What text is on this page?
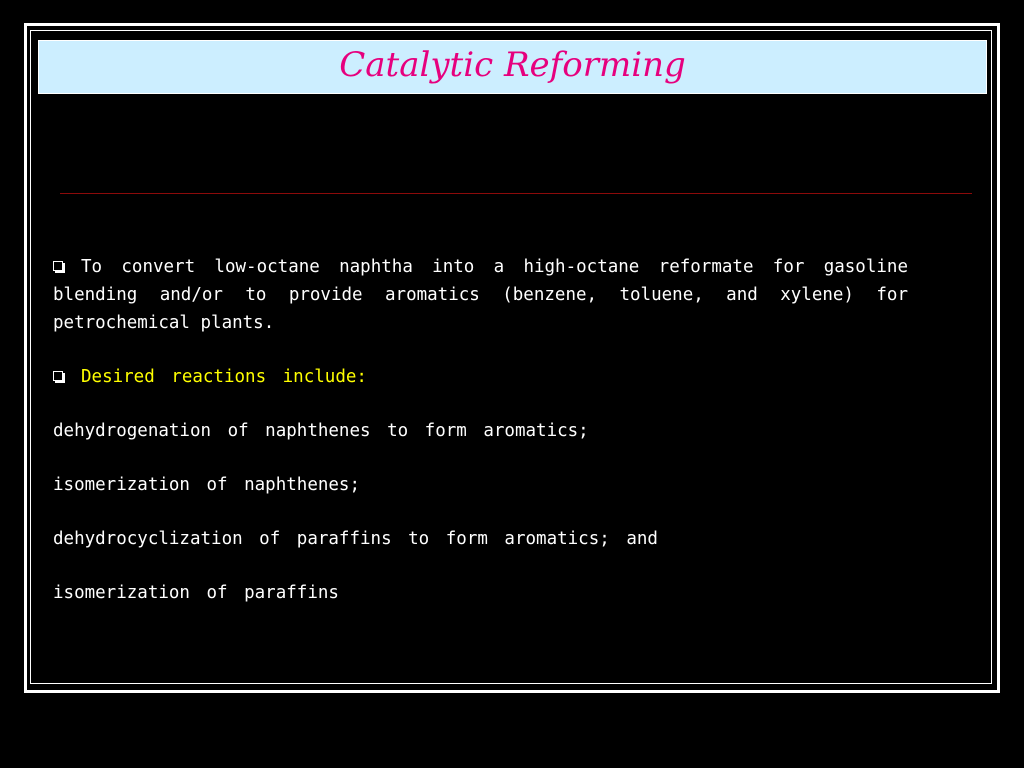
Catalytic Reforming

To convert low-octane naphtha into a high-octane reformate for gasoline blending and/or to provide aromatics (benzene, toluene, and xylene) for petrochemical plants.

Desired reactions include:
dehydrogenation of naphthenes to form aromatics;
isomerization of naphthenes;
dehydrocyclization of paraffins to form aromatics; and
isomerization of paraffins
